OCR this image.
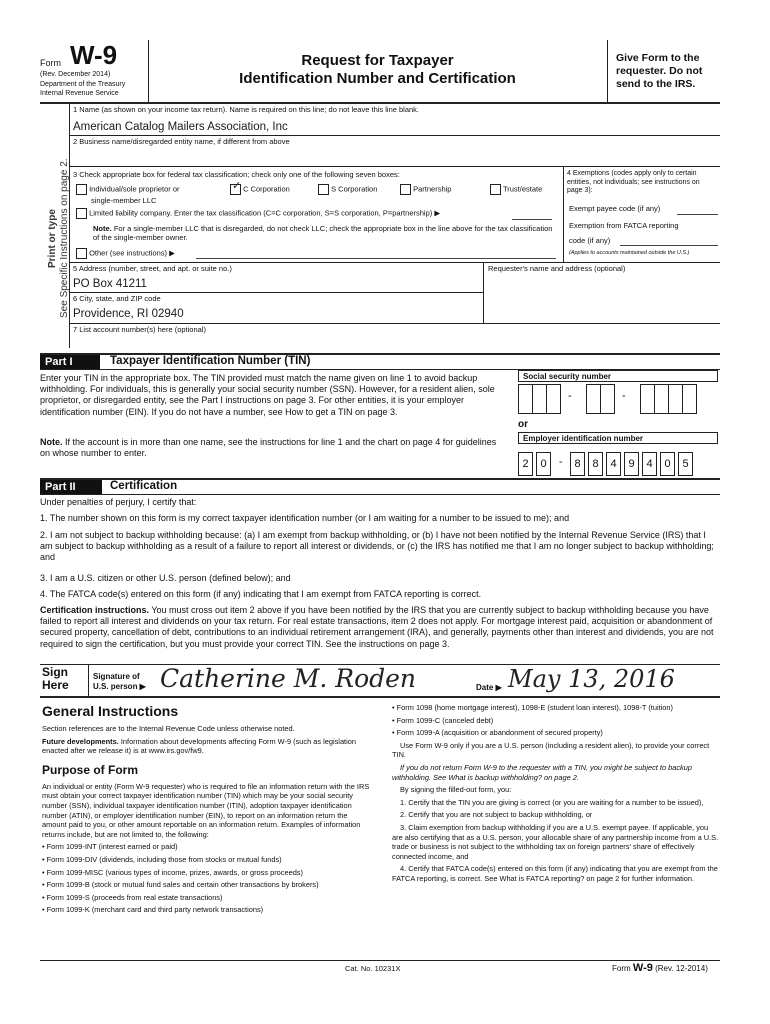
Form W-9
(Rev. December 2014)
Department of the Treasury
Internal Revenue Service
Request for Taxpayer
Identification Number and Certification
Give Form to the
requester. Do not
send to the IRS.
Print or type See Specific Instructions on page 2.
1 Name (as shown on your income tax return). Name is required on this line; do not leave this line blank.
American Catalog Mailers Association, Inc
2 Business name/disregarded entity name, if different from above
3 Check appropriate box for federal tax classification; check only one of the following seven boxes:
Individual/sole proprietor or
single-member LLC
✓ C Corporation	S Corporation	Partnership	Trust/estate
Limited liability company. Enter the tax classification (C=C corporation, S=S corporation, P=partnership) ▶
Note. For a single-member LLC that is disregarded, do not check LLC; check the appropriate box in the line above for the tax classification of the single-member owner.
Other (see instructions) ▶
4 Exemptions (codes apply only to certain entities, not individuals; see instructions on page 3):
Exempt payee code (if any)
Exemption from FATCA reporting
code (if any)
(Applies to accounts maintained outside the U.S.)
5 Address (number, street, and apt. or suite no.)
PO Box 41211
Requester's name and address (optional)
6 City, state, and ZIP code
Providence, RI 02940
7 List account number(s) here (optional)
Part I	Taxpayer Identification Number (TIN)
Enter your TIN in the appropriate box. The TIN provided must match the name given on line 1 to avoid backup withholding. For individuals, this is generally your social security number (SSN). However, for a resident alien, sole proprietor, or disregarded entity, see the Part I instructions on page 3. For other entities, it is your employer identification number (EIN). If you do not have a number, see How to get a TIN on page 3.
Note. If the account is in more than one name, see the instructions for line 1 and the chart on page 4 for guidelines on whose number to enter.
Social security number
-	-
or
Employer identification number
2	0	-	8	8	4	9	4	0	5
Part II	Certification
Under penalties of perjury, I certify that:
1. The number shown on this form is my correct taxpayer identification number (or I am waiting for a number to be issued to me); and
2. I am not subject to backup withholding because: (a) I am exempt from backup withholding, or (b) I have not been notified by the Internal Revenue Service (IRS) that I am subject to backup withholding as a result of a failure to report all interest or dividends, or (c) the IRS has notified me that I am no longer subject to backup withholding; and
3. I am a U.S. citizen or other U.S. person (defined below); and
4. The FATCA code(s) entered on this form (if any) indicating that I am exempt from FATCA reporting is correct.
Certification instructions. You must cross out item 2 above if you have been notified by the IRS that you are currently subject to backup withholding because you have failed to report all interest and dividends on your tax return. For real estate transactions, item 2 does not apply. For mortgage interest paid, acquisition or abandonment of secured property, cancellation of debt, contributions to an individual retirement arrangement (IRA), and generally, payments other than interest and dividends, you are not required to sign the certification, but you must provide your correct TIN. See the instructions on page 3.
Sign
Here
Signature of
U.S. person ▶ Catherine M. Roden	Date ▶ May 13, 2016
General Instructions

Section references are to the Internal Revenue Code unless otherwise noted.

Future developments. Information about developments affecting Form W-9 (such as legislation enacted after we release it) is at www.irs.gov/fw9.

Purpose of Form

An individual or entity (Form W-9 requester) who is required to file an information return with the IRS must obtain your correct taxpayer identification number (TIN) which may be your social security number (SSN), individual taxpayer identification number (ITIN), adoption taxpayer identification number (ATIN), or employer identification number (EIN), to report on an information return the amount paid to you, or other amount reportable on an information return. Examples of information returns include, but are not limited to, the following:

• Form 1099-INT (interest earned or paid)

• Form 1099-DIV (dividends, including those from stocks or mutual funds)

• Form 1099-MISC (various types of income, prizes, awards, or gross proceeds)

• Form 1099-B (stock or mutual fund sales and certain other transactions by brokers)

• Form 1099-S (proceeds from real estate transactions)

• Form 1099-K (merchant card and third party network transactions)

• Form 1098 (home mortgage interest), 1098-E (student loan interest), 1098-T (tuition)

• Form 1099-C (canceled debt)

• Form 1099-A (acquisition or abandonment of secured property)

Use Form W-9 only if you are a U.S. person (including a resident alien), to provide your correct TIN.

If you do not return Form W-9 to the requester with a TIN, you might be subject to backup withholding. See What is backup withholding? on page 2.

By signing the filled-out form, you:

1. Certify that the TIN you are giving is correct (or you are waiting for a number to be issued),

2. Certify that you are not subject to backup withholding, or

3. Claim exemption from backup withholding if you are a U.S. exempt payee. If applicable, you are also certifying that as a U.S. person, your allocable share of any partnership income from a U.S. trade or business is not subject to the withholding tax on foreign partners' share of effectively connected income, and

4. Certify that FATCA code(s) entered on this form (if any) indicating that you are exempt from the FATCA reporting, is correct. See What is FATCA reporting? on page 2 for further information.

Cat. No. 10231X	Form W-9 (Rev. 12-2014)
